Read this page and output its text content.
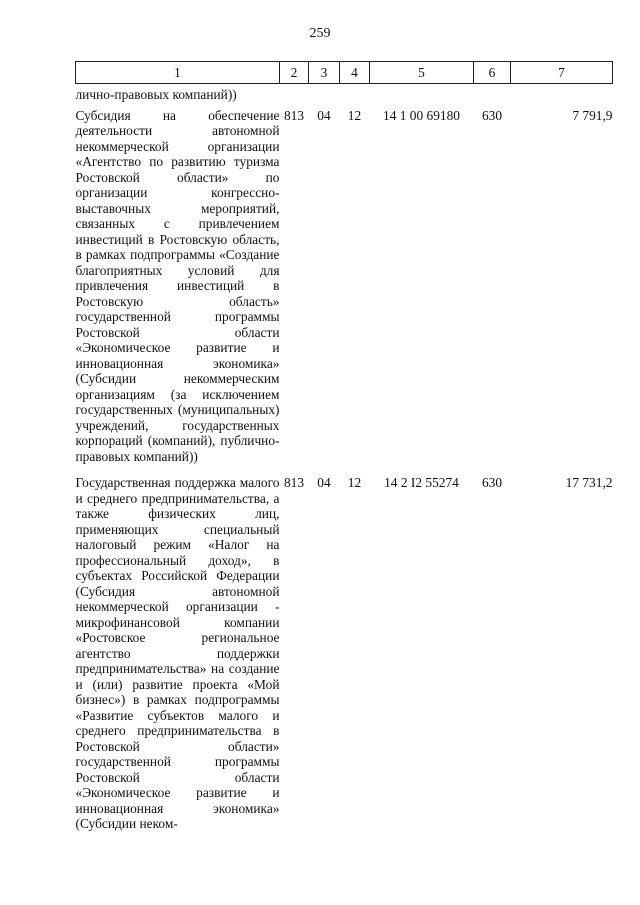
259
1	2	3	4	5	6	7
лично-правовых компаний))						
Субсидия на обеспечение деятельности автономной некоммерческой организации «Агентство по развитию туризма Ростовской области» по организации конгрессно-выставочных мероприятий, связанных с привлечением инвестиций в Ростовскую область, в рамках подпрограммы «Создание благоприятных условий для привлечения инвестиций в Ростовскую область» государственной программы Ростовской области «Экономическое развитие и инновационная экономика» (Субсидии некоммерческим организациям (за исключением государственных (муниципальных) учреждений, государственных корпораций (компаний), публично-правовых компаний))	813	04	12	14 1 00 69180	630	7 791,9
Государственная поддержка малого и среднего предпринимательства, а также физических лиц, применяющих специальный налоговый режим «Налог на профессиональный доход», в субъектах Российской Федерации (Субсидия автономной некоммерческой организации - микрофинансовой компании «Ростовское региональное агентство поддержки предпринимательства» на создание и (или) развитие проекта «Мой бизнес») в рамках подпрограммы «Развитие субъектов малого и среднего предпринимательства в Ростовской области» государственной программы Ростовской области «Экономическое развитие и инновационная экономика» (Субсидии неком-	813	04	12	14 2 I2 55274	630	17 731,2
